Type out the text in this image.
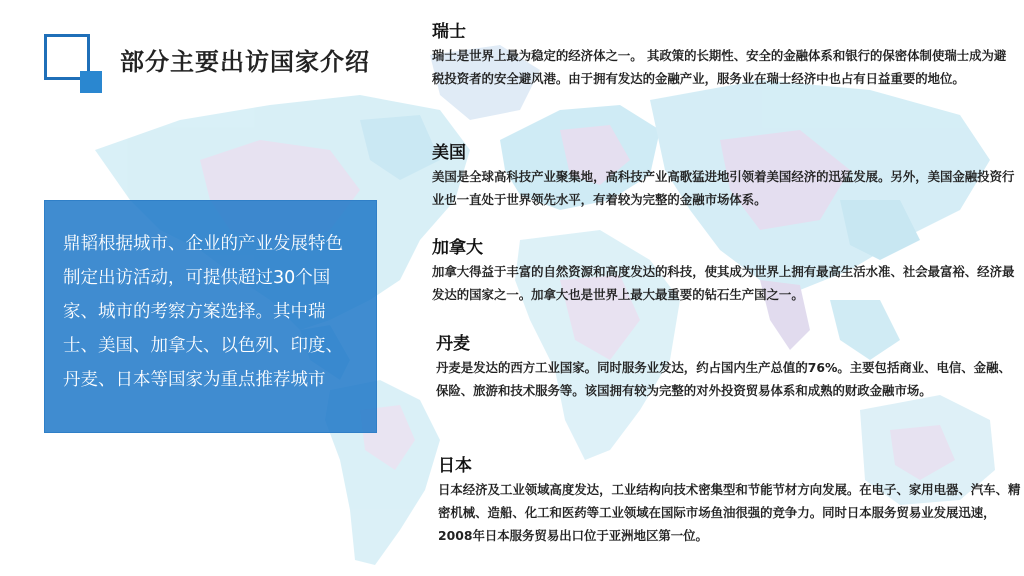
部分主要出访国家介绍

鼎韬根据城市、企业的产业发展特色制定出访活动，可提供超过30个国家、城市的考察方案选择。其中瑞士、美国、加拿大、以色列、印度、丹麦、日本等国家为重点推荐城市

瑞士

瑞士是世界上最为稳定的经济体之一。 其政策的长期性、安全的金融体系和银行的保密体制使瑞士成为避税投资者的安全避风港。由于拥有发达的金融产业，服务业在瑞士经济中也占有日益重要的地位。

美国

美国是全球高科技产业聚集地，高科技产业高歌猛进地引领着美国经济的迅猛发展。另外，美国金融投资行业也一直处于世界领先水平，有着较为完整的金融市场体系。

加拿大

加拿大得益于丰富的自然资源和高度发达的科技，使其成为世界上拥有最高生活水准、社会最富裕、经济最发达的国家之一。加拿大也是世界上最大最重要的钻石生产国之一。

丹麦

丹麦是发达的西方工业国家。同时服务业发达，约占国内生产总值的76%。主要包括商业、电信、金融、保险、旅游和技术服务等。该国拥有较为完整的对外投资贸易体系和成熟的财政金融市场。

日本

日本经济及工业领域高度发达，工业结构向技术密集型和节能节材方向发展。在电子、家用电器、汽车、精密机械、造船、化工和医药等工业领域在国际市场鱼油很强的竞争力。同时日本服务贸易业发展迅速，2008年日本服务贸易出口位于亚洲地区第一位。
